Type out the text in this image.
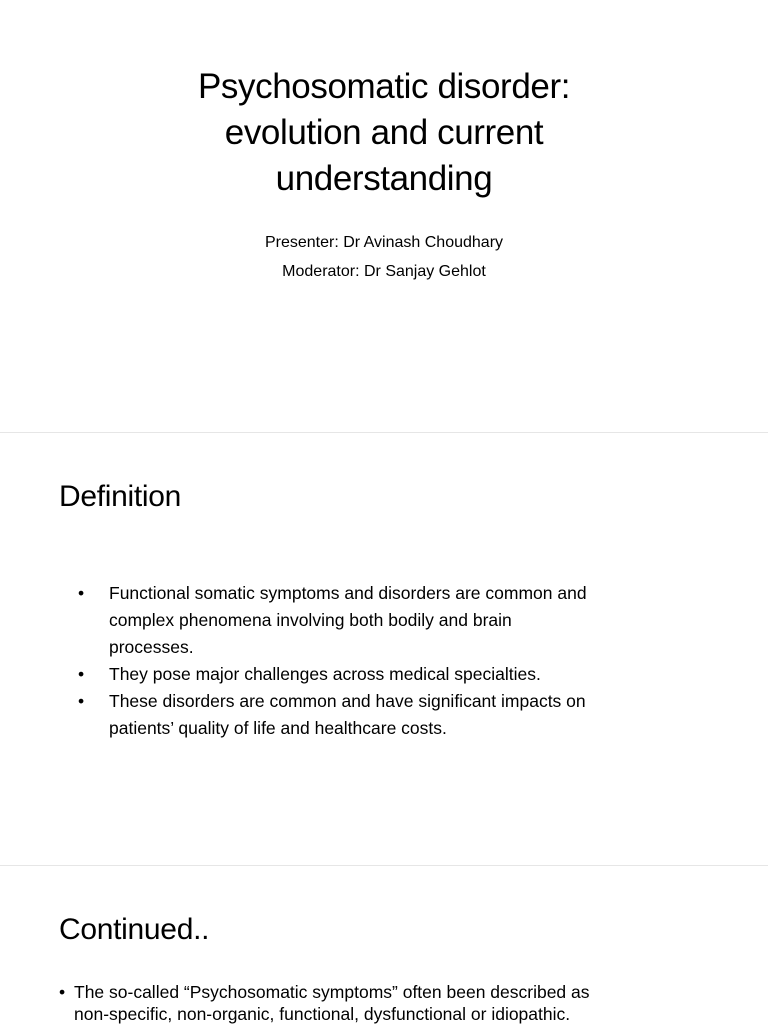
Psychosomatic disorder:
evolution and current
understanding
Presenter: Dr Avinash Choudhary
Moderator: Dr Sanjay Gehlot
Definition
• Functional somatic symptoms and disorders are common and
complex phenomena involving both bodily and brain
processes.
• They pose major challenges across medical specialties.
• These disorders are common and have significant impacts on
patients’ quality of life and healthcare costs.
Continued..
• The so-called “Psychosomatic symptoms” often been described as
non-specific, non-organic, functional, dysfunctional or idiopathic.
